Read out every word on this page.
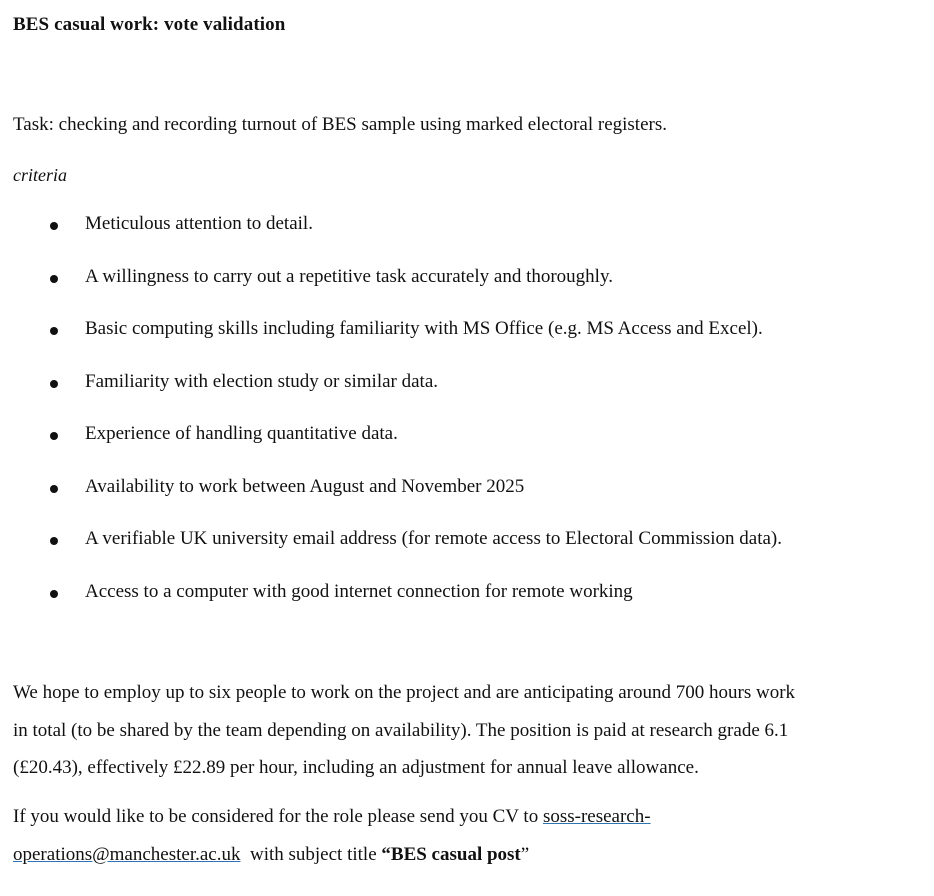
BES casual work: vote validation
Task: checking and recording turnout of BES sample using marked electoral registers.
criteria
Meticulous attention to detail.
A willingness to carry out a repetitive task accurately and thoroughly.
Basic computing skills including familiarity with MS Office (e.g. MS Access and Excel).
Familiarity with election study or similar data.
Experience of handling quantitative data.
Availability to work between August and November 2025
A verifiable UK university email address (for remote access to Electoral Commission data).
Access to a computer with good internet connection for remote working
We hope to employ up to six people to work on the project and are anticipating around 700 hours work
in total (to be shared by the team depending on availability). The position is paid at research grade 6.1
(£20.43), effectively £22.89 per hour, including an adjustment for annual leave allowance.
If you would like to be considered for the role please send you CV to soss-research-
operations@manchester.ac.uk  with subject title “BES casual post”
